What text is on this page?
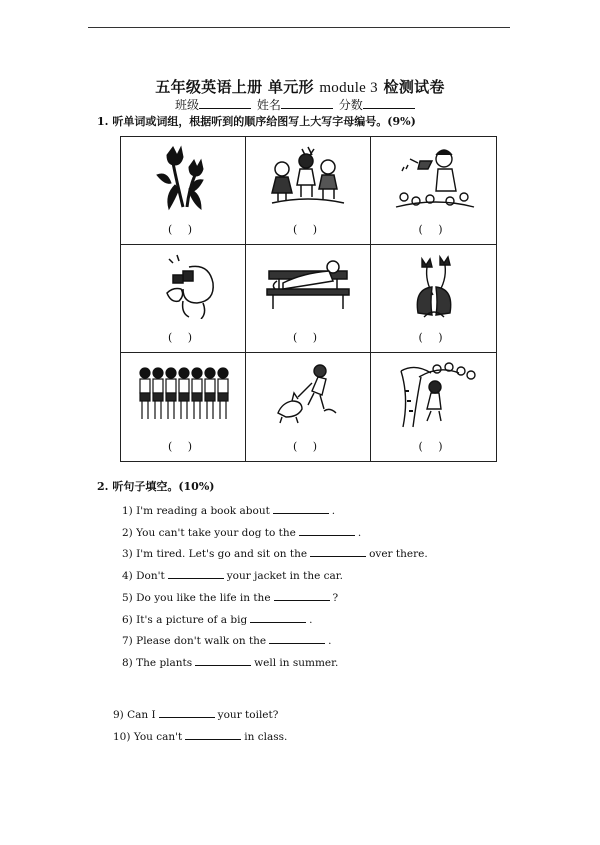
五年级英语上册 单元形 module 3 检测试卷
班级	姓名	分数
1. 听单词或词组，根据听到的顺序给图写上大写字母编号。(9%)
( )	( )	( )
( )	( )	( )
( )	( )	( )
2. 听句子填空。(10%)
1) I'm reading a book about	.
2) You can't take your dog to the	.
3) I'm tired. Let's go and sit on the	over there.
4) Don't	your jacket in the car.
5) Do you like the life in the	?
6) It's a picture of a big	.
7) Please don't walk on the	.
8) The plants	well in summer.
9) Can I	your toilet?
10) You can't	in class.
